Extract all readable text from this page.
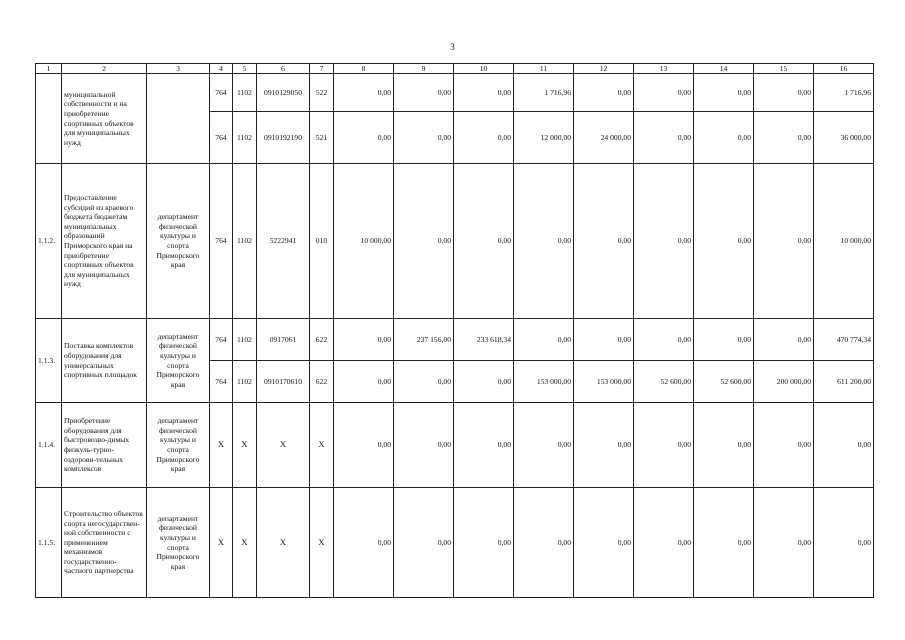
3
1	2	3	4	5	6	7	8	9	10	11	12	13	14	15	16
	муниципальной собственности и на приобретение спортивных объектов для муниципальных нужд		764	1102	0910129050	522	0,00	0,00	0,00	1 716,96	0,00	0,00	0,00	0,00	1 716,96
			764	1102	0910192190	521	0,00	0,00	0,00	12 000,00	24 000,00	0,00	0,00	0,00	36 000,00
1.1.2.	Предоставление субсидий из краевого бюджета бюджетам муниципальных образований Приморского края на приобретение спортивных объектов для муниципальных нужд	департамент физической культуры и спорта Приморского края	764	1102	5222941	010	10 000,00	0,00	0,00	0,00	0,00	0,00	0,00	0,00	10 000,00
1.1.3.	Поставка комплектов оборудования для универсальных спортивных площадок	департамент физической культуры и спорта Приморского края	764	1102	0917061	622	0,00	237 156,00	233 618,34	0,00	0,00	0,00	0,00	0,00	470 774,34
			764	1102	0910170610	622	0,00	0,00	0,00	153 000,00	153 000,00	52 600,00	52 600,00	200 000,00	611 200,00
1.1.4.	Приобретение оборудования для быстровозво-димых физкуль-турно-оздорови-тельных комплексов	департамент физической культуры и спорта Приморского края	X	X	X	X	0,00	0,00	0,00	0,00	0,00	0,00	0,00	0,00	0,00
1.1.5.	Строительство объектов спорта негосударствен-ной собственности с применением механизмов государственно-частного партнерства	департамент физической культуры и спорта Приморского края	X	X	X	X	0,00	0,00	0,00	0,00	0,00	0,00	0,00	0,00	0,00
